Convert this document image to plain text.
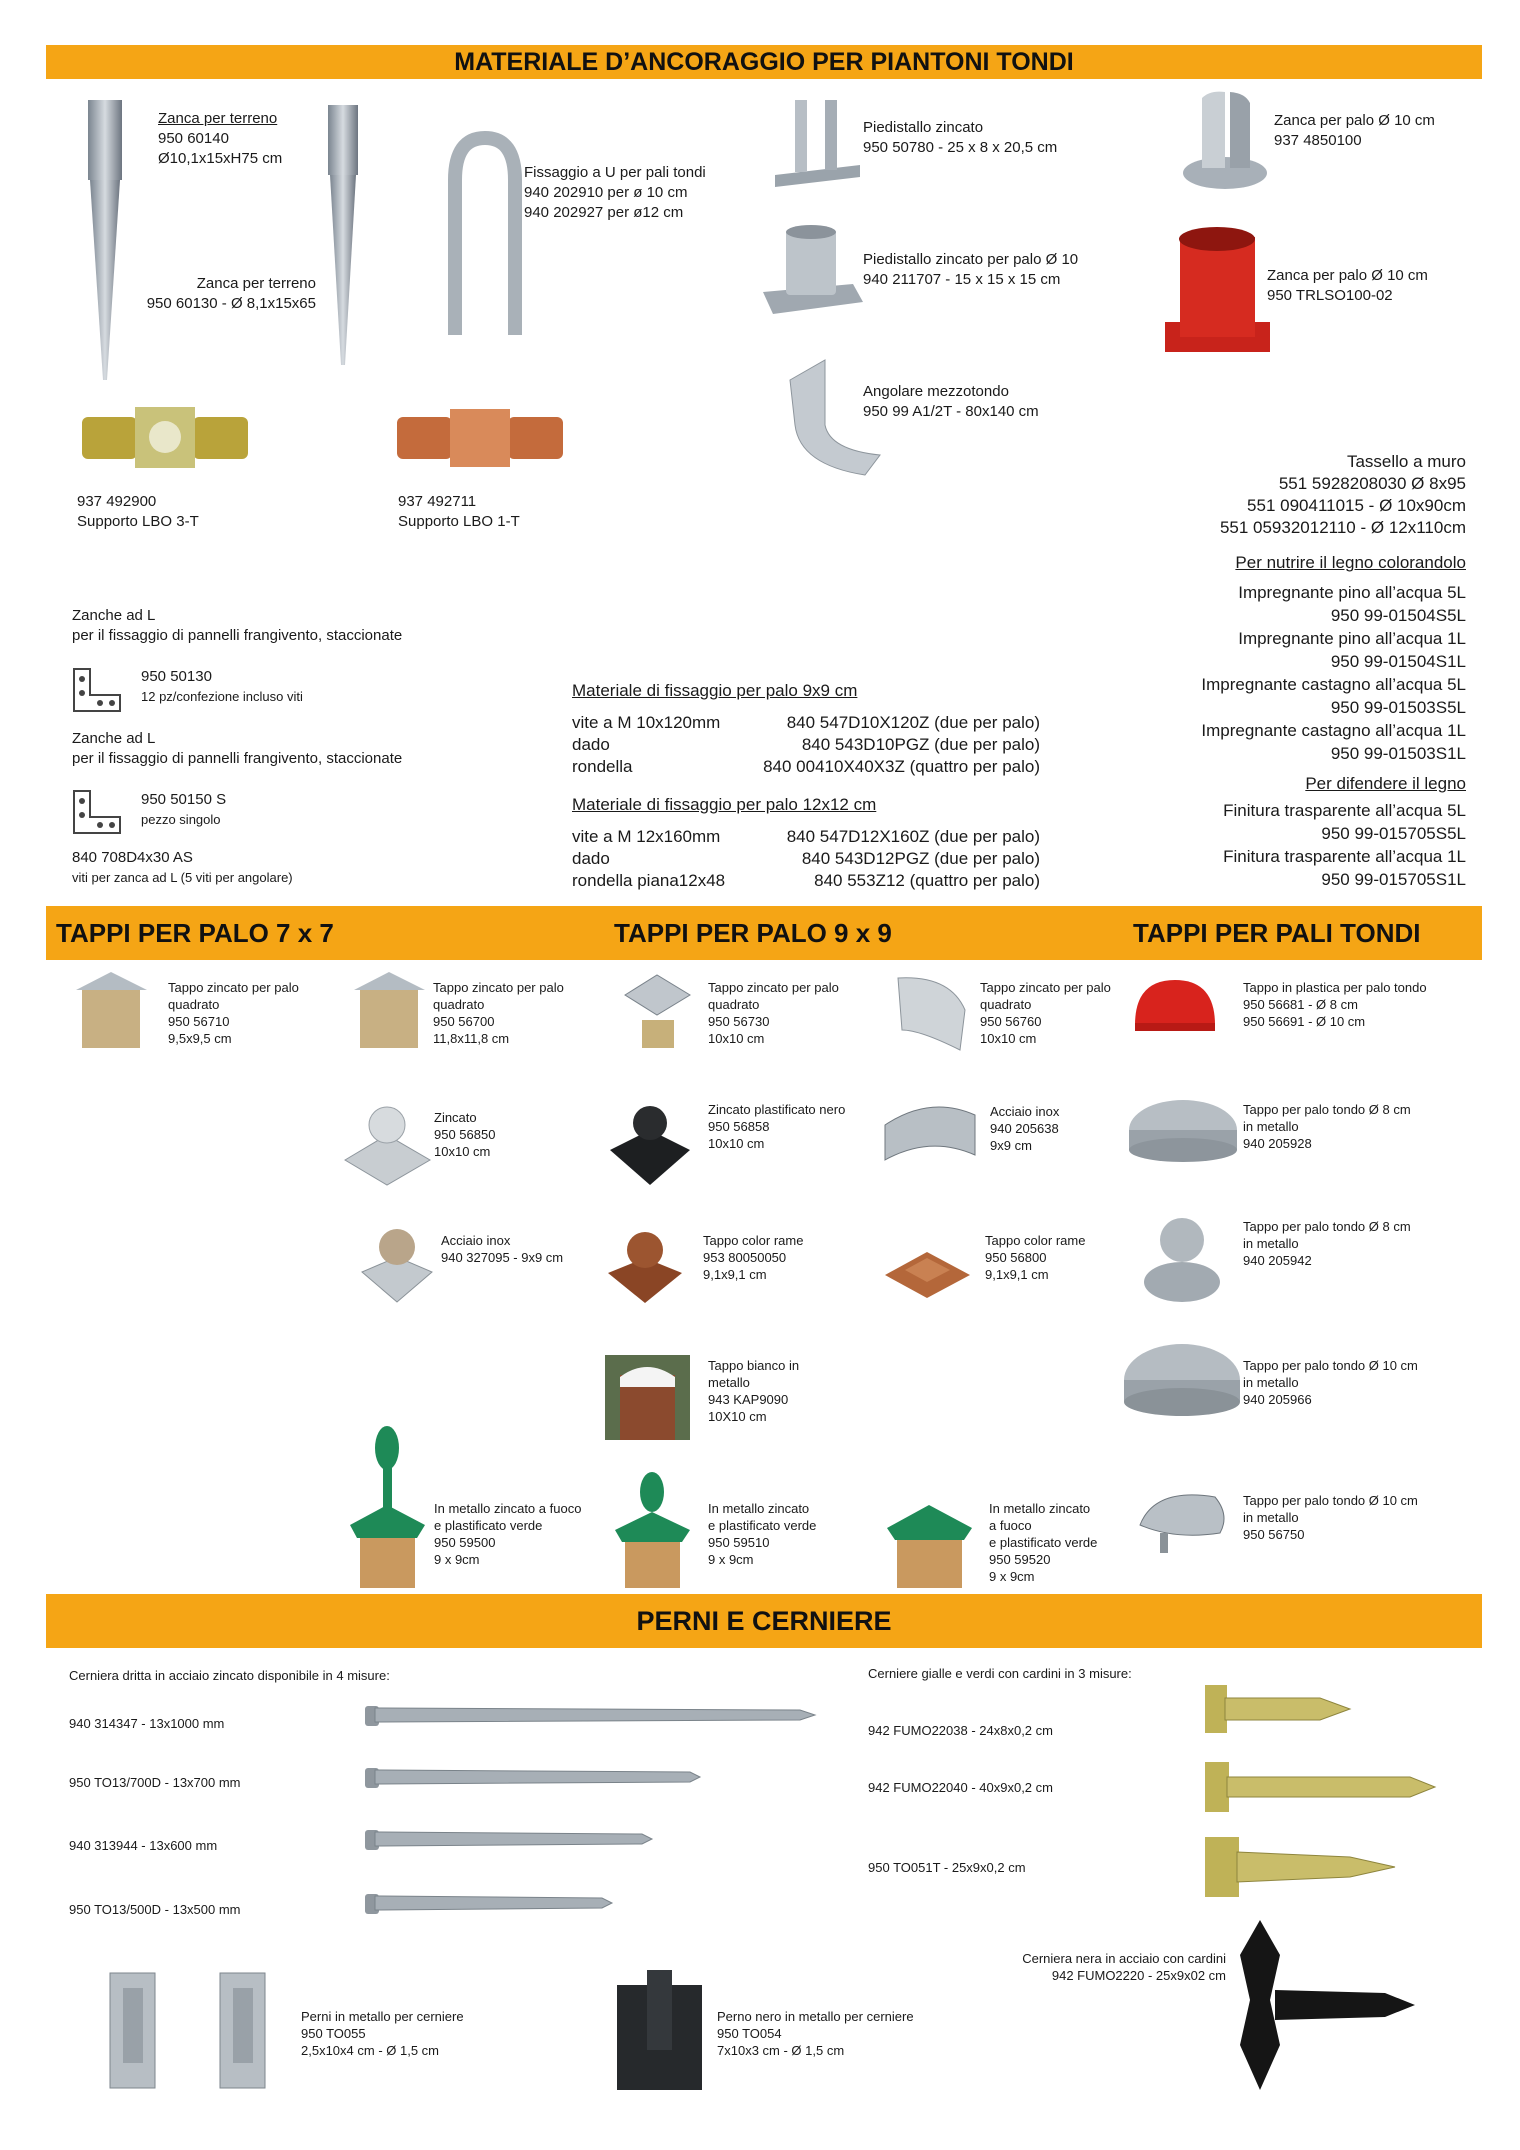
MATERIALE D’ANCORAGGIO PER PIANTONI TONDI
Zanca per terreno
950 60140
Ø10,1x15xH75 cm
Zanca per terreno
950 60130 - Ø 8,1x15x65
Fissaggio a U per pali tondi
940 202910 per ø 10 cm
940 202927 per ø12 cm
Piedistallo zincato
950 50780 - 25 x 8 x 20,5 cm
Piedistallo zincato per palo Ø 10
940 211707 - 15 x 15 x 15 cm
Angolare mezzotondo
950 99 A1/2T - 80x140 cm
Zanca per palo Ø 10 cm
937 4850100
Zanca per palo Ø 10 cm
950 TRLSO100-02
937 492900
Supporto LBO 3-T
937 492711
Supporto LBO 1-T
Tassello a muro
551 5928208030 Ø 8x95
551 090411015 - Ø 10x90cm
551 05932012110 - Ø 12x110cm
Per nutrire il legno colorandolo
Impregnante pino all’acqua 5L
950 99-01504S5L
Impregnante pino all’acqua 1L
950 99-01504S1L
Impregnante castagno all’acqua 5L
950 99-01503S5L
Impregnante castagno all’acqua 1L
950 99-01503S1L
Per difendere il legno
Finitura trasparente all’acqua 5L
950 99-015705S5L
Finitura trasparente all’acqua 1L
950 99-015705S1L
Zanche ad L
per il fissaggio di pannelli frangivento, staccionate
950 50130
12 pz/confezione incluso viti
Zanche ad L
per il fissaggio di pannelli frangivento, staccionate
950 50150 S
pezzo singolo
840 708D4x30 AS
viti per zanca ad L (5 viti per angolare)
Materiale di fissaggio per palo 9x9 cm
vite a M 10x120mm
dado
rondella
840 547D10X120Z (due per palo)
840 543D10PGZ (due per palo)
840 00410X40X3Z (quattro per palo)
Materiale di fissaggio per palo 12x12 cm
vite a M 12x160mm
dado
rondella piana12x48
840 547D12X160Z (due per palo)
840 543D12PGZ (due per palo)
840 553Z12 (quattro per palo)
TAPPI PER PALO 7 x 7	TAPPI PER PALO 9 x 9	TAPPI PER PALI TONDI
Tappo zincato per palo
quadrato
950 56710
9,5x9,5 cm
Tappo zincato per palo
quadrato
950 56700
11,8x11,8 cm
Tappo zincato per palo
quadrato
950 56730
10x10 cm
Tappo zincato per palo
quadrato
950 56760
10x10 cm
Tappo in plastica per palo tondo
950 56681 - Ø 8 cm
950 56691 - Ø 10 cm
Zincato
950 56850
10x10 cm
Zincato plastificato nero
950 56858
10x10 cm
Acciaio inox
940 205638
9x9 cm
Tappo per palo tondo Ø 8 cm
in metallo
940 205928
Acciaio inox
940 327095 - 9x9 cm
Tappo color rame
953 80050050
9,1x9,1 cm
Tappo color rame
950 56800
9,1x9,1 cm
Tappo per palo tondo Ø 8 cm
in metallo
940 205942
Tappo bianco in
metallo
943 KAP9090
10X10 cm
Tappo per palo tondo Ø 10 cm
in metallo
940 205966
In metallo zincato a fuoco
e plastificato verde
950 59500
9 x 9cm
In metallo zincato
e plastificato verde
950 59510
9 x 9cm
In metallo zincato
a fuoco
e plastificato verde
950 59520
9 x 9cm
Tappo per palo tondo Ø 10 cm
in metallo
950 56750
PERNI E CERNIERE
Cerniera dritta in acciaio zincato disponibile in 4 misure:
940 314347 - 13x1000 mm
950 TO13/700D - 13x700 mm
940 313944 - 13x600 mm
950 TO13/500D - 13x500 mm
Cerniere gialle e verdi con cardini in 3 misure:
942 FUMO22038 - 24x8x0,2 cm
942 FUMO22040 - 40x9x0,2 cm
950 TO051T - 25x9x0,2 cm
Cerniera nera in acciaio con cardini
942 FUMO2220 - 25x9x02 cm
Perni in metallo per cerniere
950 TO055
2,5x10x4 cm - Ø 1,5 cm
Perno nero in metallo per cerniere
950 TO054
7x10x3 cm - Ø 1,5 cm
